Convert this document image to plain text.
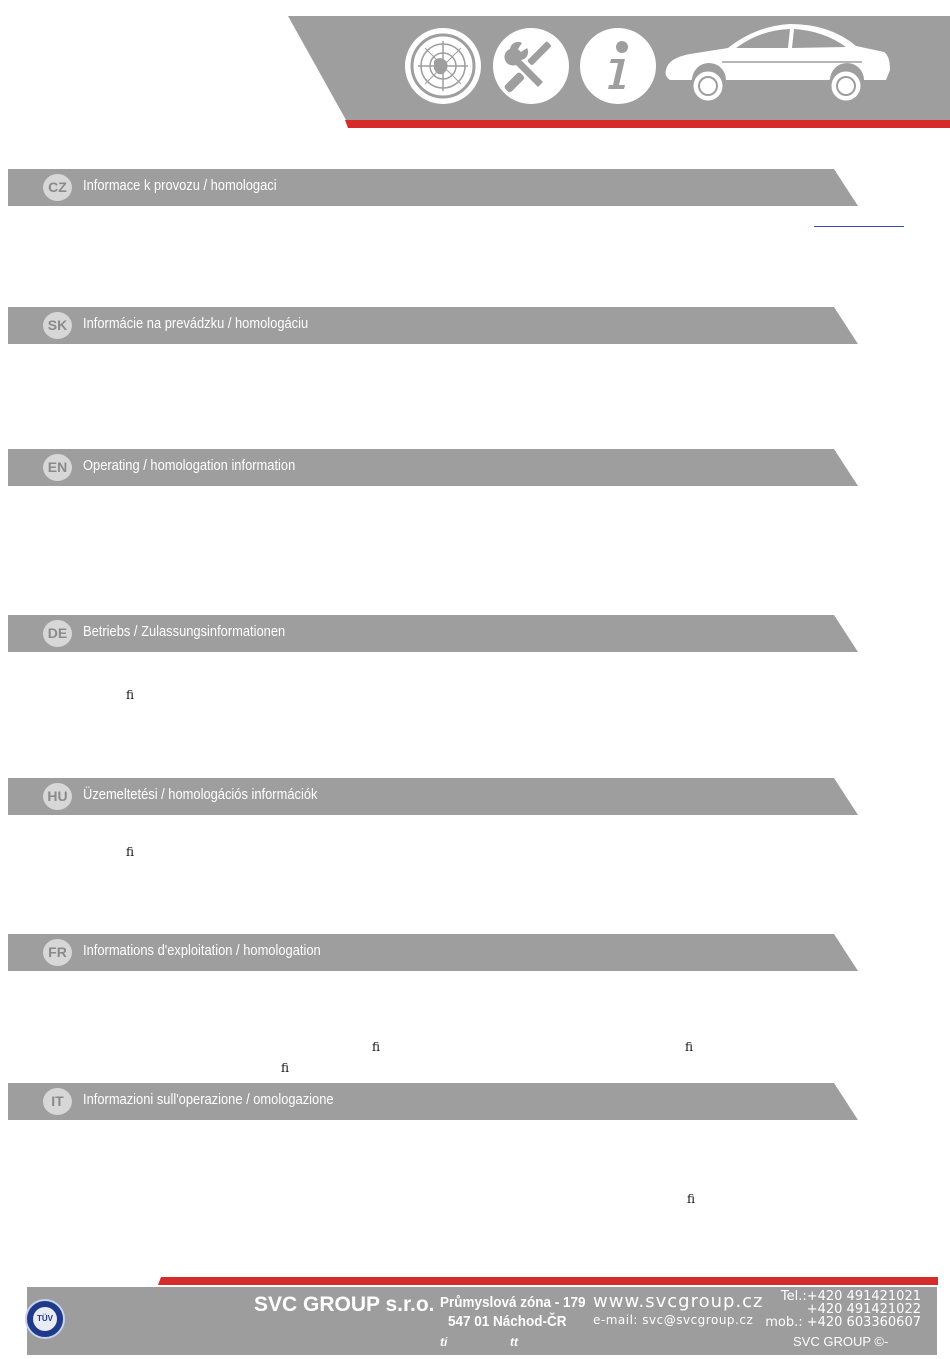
CZ	Informace k provozu / homologaci
SK	Informácie na prevádzku / homologáciu
EN	Operating / homologation information
DE	Betriebs / Zulassungsinformationen
fi
HU Üzemeltetési / homologációs információk
fi
FR	Informations d'exploitation / homologation
fi	fi
fi
IT	Informazioni sull'operazione / omologazione
fi
TÜV
SVC GROUP s.r.o. Průmyslová zóna - 179
547 01 Náchod-ČR
ti	tt
www.svcgroup.cz
e-mail: svc@svcgroup.cz
Tel.:+420 491421021
+420 491421022
mob.: +420 603360607
SVC GROUP ©-
